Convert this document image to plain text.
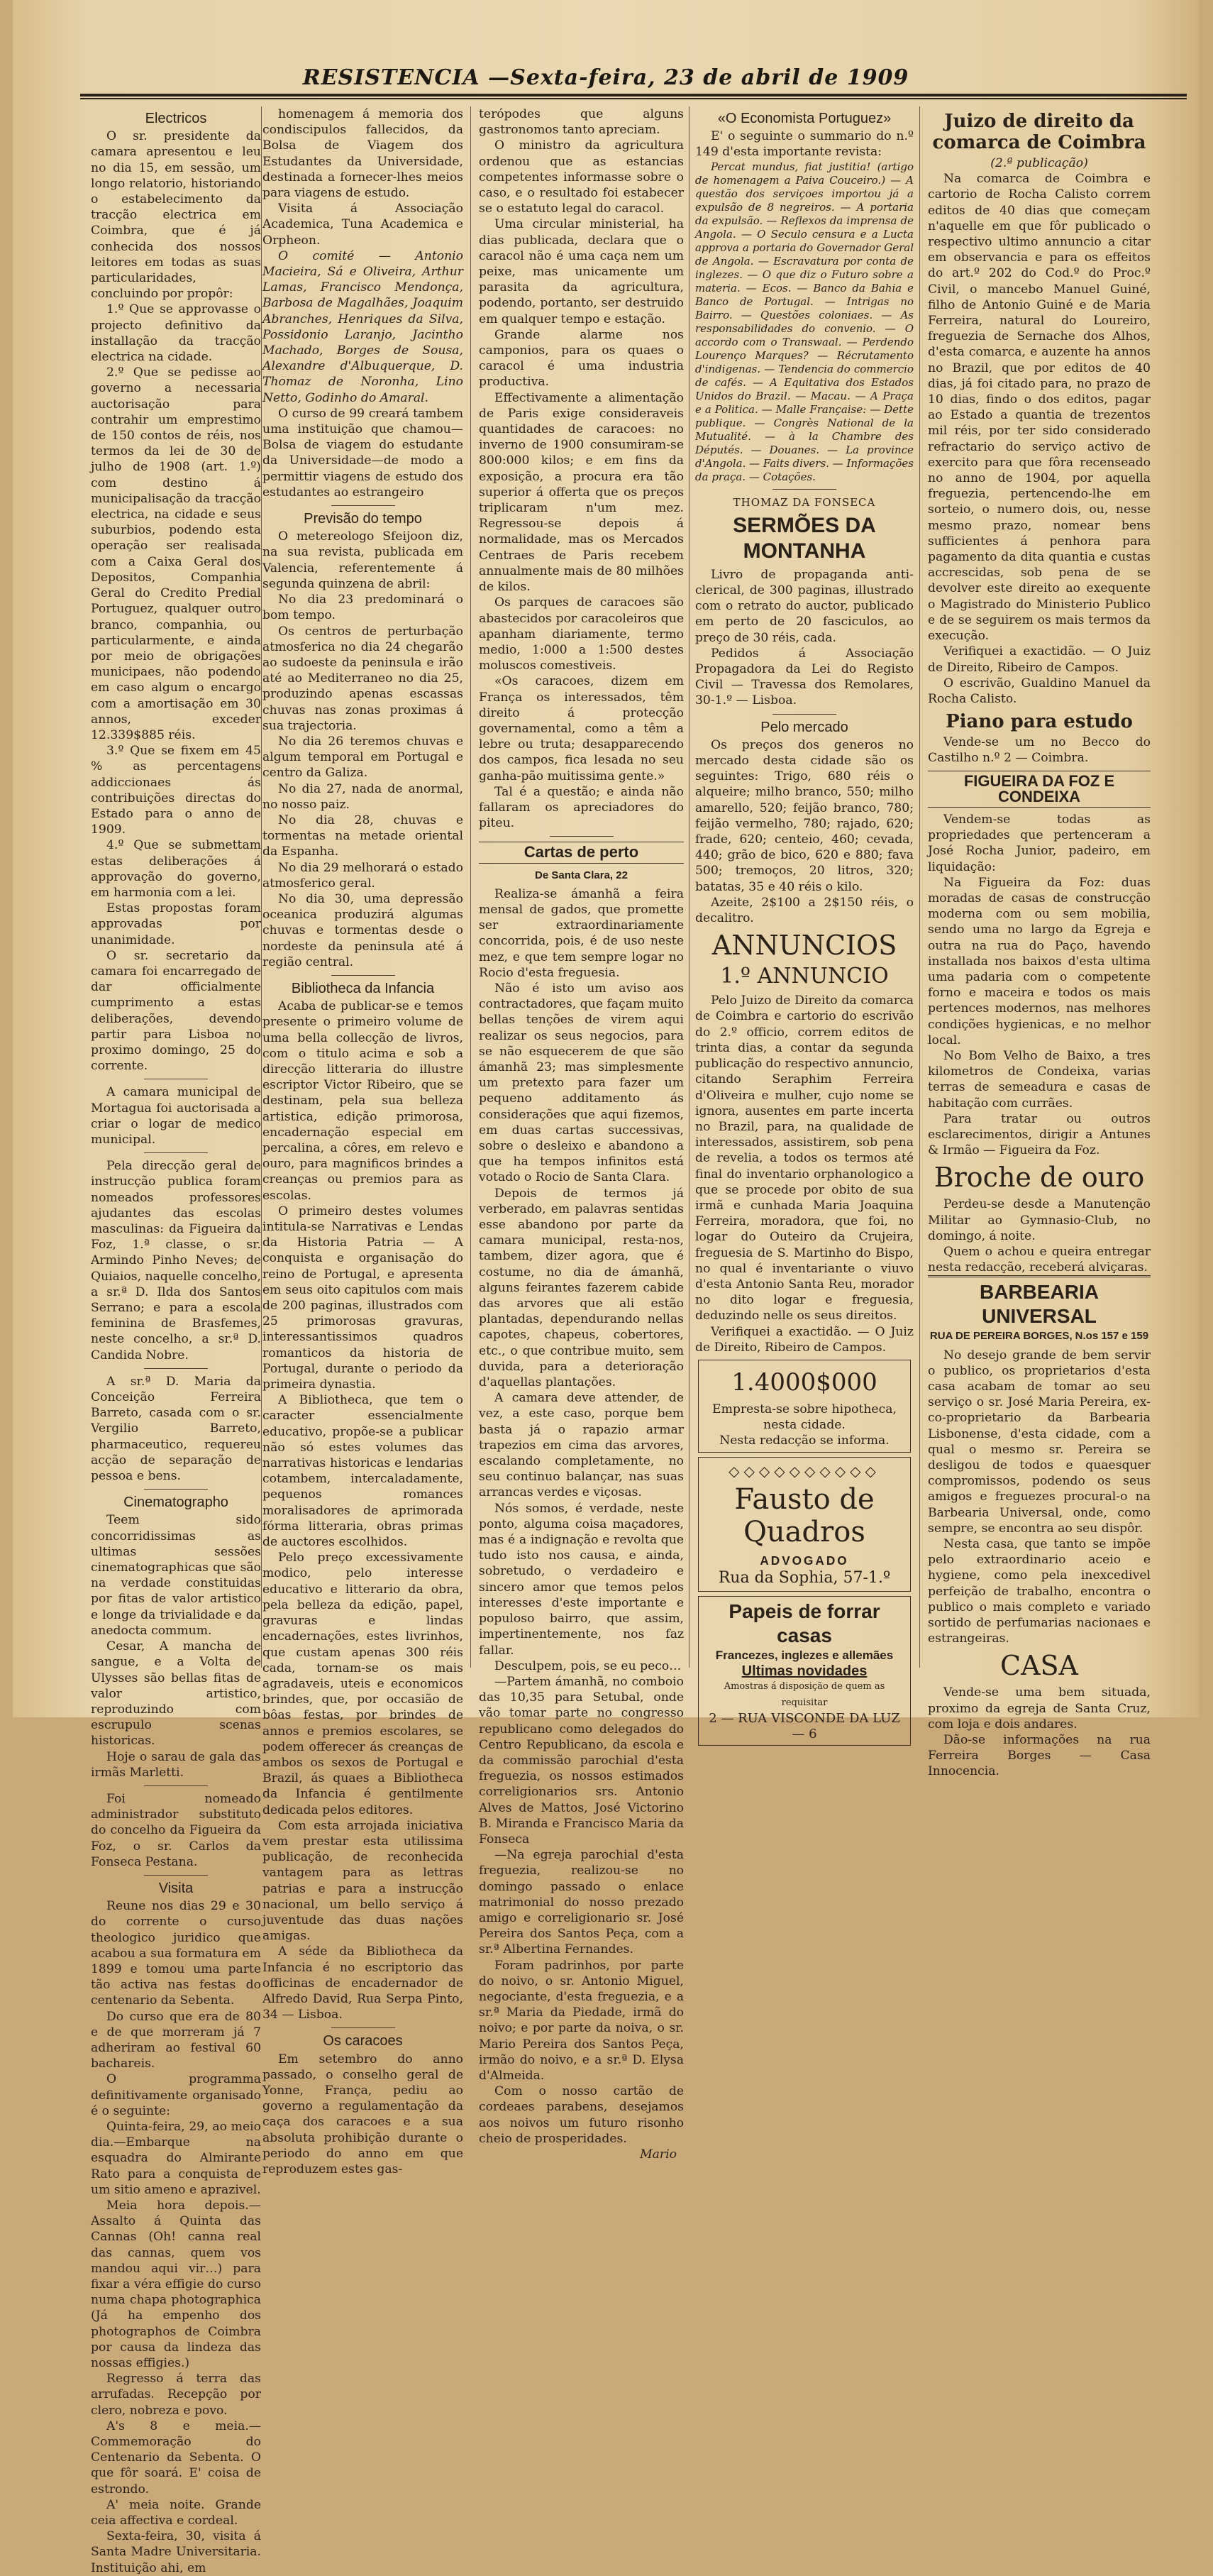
RESISTENCIA —Sexta-feira, 23 de abril de 1909
Electricos

O sr. presidente da camara apresentou e leu no dia 15, em sessão, um longo relatorio, historiando o estabelecimento da tracção electrica em Coimbra, que é já conhecida dos nossos leitores em todas as suas particularidades, concluindo por propôr:

1.º Que se approvasse o projecto definitivo da installação da tracção electrica na cidade.

2.º Que se pedisse ao governo a necessaria auctorisação para contrahir um emprestimo de 150 contos de réis, nos termos da lei de 30 de julho de 1908 (art. 1.º) com destino á municipalisação da tracção electrica, na cidade e seus suburbios, podendo esta operação ser realisada com a Caixa Geral dos Depositos, Companhia Geral do Credito Predial Portuguez, qualquer outro branco, companhia, ou particularmente, e ainda por meio de obrigações municipaes, não podendo em caso algum o encargo com a amortisação em 30 annos, exceder 12.339$885 réis.

3.º Que se fixem em 45 % as percentagens addiccionaes ás contribuições directas do Estado para o anno de 1909.

4.º Que se submettam estas deliberações á approvação do governo, em harmonia com a lei.

Estas propostas foram approvadas por unanimidade.

O sr. secretario da camara foi encarregado de dar officialmente cumprimento a estas deliberações, devendo partir para Lisboa no proximo domingo, 25 do corrente.

A camara municipal de Mortagua foi auctorisada a criar o logar de medico municipal.

Pela direcção geral de instrucção publica foram nomeados professores ajudantes das escolas masculinas: da Figueira da Foz, 1.ª classe, o sr. Armindo Pinho Neves; de Quiaios, naquelle concelho, a sr.ª D. Ilda dos Santos Serrano; e para a escola feminina de Brasfemes, neste concelho, a sr.ª D. Candida Nobre.

A sr.ª D. Maria da Conceição Ferreira Barreto, casada com o sr. Vergilio Barreto, pharmaceutico, requereu acção de separação de pessoa e bens.

Cinematographo

Teem sido concorridissimas as ultimas sessões cinematographicas que são na verdade constituidas por fitas de valor artistico e longe da trivialidade e da anedocta commum.

Cesar, A mancha de sangue, e a Volta de Ulysses são bellas fitas de valor artistico, reproduzindo com escrupulo scenas historicas.

Hoje o sarau de gala das irmãs Marletti.

Foi nomeado administrador substituto do concelho da Figueira da Foz, o sr. Carlos da Fonseca Pestana.

Visita

Reune nos dias 29 e 30 do corrente o curso theologico juridico que acabou a sua formatura em 1899 e tomou uma parte tão activa nas festas do centenario da Sebenta.

Do curso que era de 80 e de que morreram já 7 adheriram ao festival 60 bachareis.

O programma definitivamente organisado é o seguinte:

Quinta-feira, 29, ao meio dia.—Embarque na esquadra do Almirante Rato para a conquista de um sitio ameno e aprazivel.

Meia hora depois.—Assalto á Quinta das Cannas (Oh! canna real das cannas, quem vos mandou aqui vir…) para fixar a véra effigie do curso numa chapa photographica (Já ha empenho dos photographos de Coimbra por causa da lindeza das nossas effigies.)

Regresso á terra das arrufadas. Recepção por clero, nobreza e povo.

A's 8 e meia.—Commemoração do Centenario da Sebenta. O que fôr soará. E' coisa de estrondo.

A' meia noite. Grande ceia affectiva e cordeal.

Sexta-feira, 30, visita á Santa Madre Universitaria. Instituição ahi, em

homenagem á memoria dos condiscipulos fallecidos, da Bolsa de Viagem dos Estudantes da Universidade, destinada a fornecer-lhes meios para viagens de estudo.

Visita á Associação Academica, Tuna Academica e Orpheon.

O comité — Antonio Macieira, Sá e Oliveira, Arthur Lamas, Francisco Mendonça, Barbosa de Magalhães, Joaquim Abranches, Henriques da Silva, Possidonio Laranjo, Jacintho Machado, Borges de Sousa, Alexandre d'Albuquerque, D. Thomaz de Noronha, Lino Netto, Godinho do Amaral.

O curso de 99 creará tambem uma instituição que chamou—Bolsa de viagem do estudante da Universidade—de modo a permittir viagens de estudo dos estudantes ao estrangeiro

Previsão do tempo

O metereologo Sfeijoon diz, na sua revista, publicada em Valencia, referentemente á segunda quinzena de abril:

No dia 23 predominará o bom tempo.

Os centros de perturbação atmosferica no dia 24 chegarão ao sudoeste da peninsula e irão até ao Mediterraneo no dia 25, produzindo apenas escassas chuvas nas zonas proximas á sua trajectoria.

No dia 26 teremos chuvas e algum temporal em Portugal e centro da Galiza.

No dia 27, nada de anormal, no nosso paiz.

No dia 28, chuvas e tormentas na metade oriental da Espanha.

No dia 29 melhorará o estado atmosferico geral.

No dia 30, uma depressão oceanica produzirá algumas chuvas e tormentas desde o nordeste da peninsula até á região central.

Bibliotheca da Infancia

Acaba de publicar-se e temos presente o primeiro volume de uma bella collecção de livros, com o titulo acima e sob a direcção litteraria do illustre escriptor Victor Ribeiro, que se destinam, pela sua belleza artistica, edição primorosa, encadernação especial em percalina, a côres, em relevo e ouro, para magnificos brindes a creanças ou premios para as escolas.

O primeiro destes volumes intitula-se Narrativas e Lendas da Historia Patria — A conquista e organisação do reino de Portugal, e apresenta em seus oito capitulos com mais de 200 paginas, illustrados com 25 primorosas gravuras, interessantissimos quadros romanticos da historia de Portugal, durante o periodo da primeira dynastia.

A Bibliotheca, que tem o caracter essencialmente educativo, propõe-se a publicar não só estes volumes das narrativas historicas e lendarias cotambem, intercaladamente, pequenos romances moralisadores de aprimorada fórma litteraria, obras primas de auctores escolhidos.

Pelo preço excessivamente modico, pelo interesse educativo e litterario da obra, pela belleza da edição, papel, gravuras e lindas encadernações, estes livrinhos, que custam apenas 300 réis cada, tornam-se os mais agradaveis, uteis e economicos brindes, que, por occasião de bôas festas, por brindes de annos e premios escolares, se podem offerecer ás creanças de ambos os sexos de Portugal e Brazil, ás quaes a Bibliotheca da Infancia é gentilmente dedicada pelos editores.

Com esta arrojada iniciativa vem prestar esta utilissima publicação, de reconhecida vantagem para as lettras patrias e para a instrucção nacional, um bello serviço á juventude das duas nações amigas.

A séde da Bibliotheca da Infancia é no escriptorio das officinas de encadernador de Alfredo David, Rua Serpa Pinto, 34 — Lisboa.

Os caracoes

Em setembro do anno passado, o conselho geral de Yonne, França, pediu ao governo a regulamentação da caça dos caracoes e a sua absoluta prohibição durante o periodo do anno em que reproduzem estes gas-

terópodes que alguns gastronomos tanto apreciam.

O ministro da agricultura ordenou que as estancias competentes informasse sobre o caso, e o resultado foi estabecer se o estatuto legal do caracol.

Uma circular ministerial, ha dias publicada, declara que o caracol não é uma caça nem um peixe, mas unicamente um parasita da agricultura, podendo, portanto, ser destruido em qualquer tempo e estação.

Grande alarme nos camponios, para os quaes o caracol é uma industria productiva.

Effectivamente a alimentação de Paris exige consideraveis quantidades de caracoes: no inverno de 1900 consumiram-se 800:000 kilos; e em fins da exposição, a procura era tão superior á offerta que os preços triplicaram n'um mez. Regressou-se depois á normalidade, mas os Mercados Centraes de Paris recebem annualmente mais de 80 milhões de kilos.

Os parques de caracoes são abastecidos por caracoleiros que apanham diariamente, termo medio, 1:000 a 1:500 destes moluscos comestiveis.

«Os caracoes, dizem em França os interessados, têm direito á protecção governamental, como a têm a lebre ou truta; desapparecendo dos campos, fica lesada no seu ganha-pão muitissima gente.»

Tal é a questão; e ainda não fallaram os apreciadores do piteu.

Cartas de perto
De Santa Clara, 22

Realiza-se ámanhã a feira mensal de gados, que promette ser extraordinariamente concorrida, pois, é de uso neste mez, e que tem sempre logar no Rocio d'esta freguesia.

Não é isto um aviso aos contractadores, que façam muito bellas tenções de virem aqui realizar os seus negocios, para se não esquecerem de que são ámanhã 23; mas simplesmente um pretexto para fazer um pequeno additamento ás considerações que aqui fizemos, em duas cartas successivas, sobre o desleixo e abandono a que ha tempos infinitos está votado o Rocio de Santa Clara.

Depois de termos já verberado, em palavras sentidas esse abandono por parte da camara municipal, resta-nos, tambem, dizer agora, que é costume, no dia de ámanhã, alguns feirantes fazerem cabide das arvores que ali estão plantadas, dependurando nellas capotes, chapeus, cobertores, etc., o que contribue muito, sem duvida, para a deterioração d'aquellas plantações.

A camara deve attender, de vez, a este caso, porque bem basta já o rapazio armar trapezios em cima das arvores, escalando completamente, no seu continuo balançar, nas suas arrancas verdes e viçosas.

Nós somos, é verdade, neste ponto, alguma coisa maçadores, mas é a indignação e revolta que tudo isto nos causa, e ainda, sobretudo, o verdadeiro e sincero amor que temos pelos interesses d'este importante e populoso bairro, que assim, impertinentemente, nos faz fallar.

Desculpem, pois, se eu peco…

—Partem ámanhã, no comboio das 10,35 para Setubal, onde vão tomar parte no congresso republicano como delegados do Centro Republicano, da escola e da commissão parochial d'esta freguezia, os nossos estimados correligionarios srs. Antonio Alves de Mattos, José Victorino B. Miranda e Francisco Maria da Fonseca

—Na egreja parochial d'esta freguezia, realizou-se no domingo passado o enlace matrimonial do nosso prezado amigo e correligionario sr. José Pereira dos Santos Peça, com a sr.ª Albertina Fernandes.

Foram padrinhos, por parte do noivo, o sr. Antonio Miguel, negociante, d'esta freguezia, e a sr.ª Maria da Piedade, irmã do noivo; e por parte da noiva, o sr. Mario Pereira dos Santos Peça, irmão do noivo, e a sr.ª D. Elysa d'Almeida.

Com o nosso cartão de cordeaes parabens, desejamos aos noivos um futuro risonho cheio de prosperidades.

Mario
«O Economista Portuguez»

E' o seguinte o summario do n.º 149 d'esta importante revista:

Percat mundus, fiat justitia! (artigo de homenagem a Paiva Couceiro.) — A questão dos serviçoes importou já a expulsão de 8 negreiros. — A portaria da expulsão. — Reflexos da imprensa de Angola. — O Seculo censura e a Lucta approva a portaria do Governador Geral de Angola. — Escravatura por conta de inglezes. — O que diz o Futuro sobre a materia. — Ecos. — Banco da Bahia e Banco de Portugal. — Intrigas no Bairro. — Questões coloniaes. — As responsabilidades do convenio. — O accordo com o Transwaal. — Perdendo Lourenço Marques? — Récrutamento d'indigenas. — Tendencia do commercio de cafés. — A Equitativa dos Estados Unidos do Brazil. — Macau. — A Praça e a Politica. — Malle Française: — Dette publique. — Congrès National de la Mutualité. — à la Chambre des Députés. — Douanes. — La province d'Angola. — Faits divers. — Informações da praça. — Cotações.

THOMAZ DA FONSECA
SERMÕES DA MONTANHA

Livro de propaganda anti-clerical, de 300 paginas, illustrado com o retrato do auctor, publicado em perto de 20 fasciculos, ao preço de 30 réis, cada.

Pedidos á Associação Propagadora da Lei do Registo Civil — Travessa dos Remolares, 30-1.º — Lisboa.

Pelo mercado

Os preços dos generos no mercado desta cidade são os seguintes: Trigo, 680 réis o alqueire; milho branco, 550; milho amarello, 520; feijão branco, 780; feijão vermelho, 780; rajado, 620; frade, 620; centeio, 460; cevada, 440; grão de bico, 620 e 880; fava 500; tremoços, 20 litros, 320; batatas, 35 e 40 réis o kilo.

Azeite, 2$100 a 2$150 réis, o decalitro.

ANNUNCIOS
1.º ANNUNCIO

Pelo Juizo de Direito da comarca de Coimbra e cartorio do escrivão do 2.º officio, correm editos de trinta dias, a contar da segunda publicação do respectivo annuncio, citando Seraphim Ferreira d'Oliveira e mulher, cujo nome se ignora, ausentes em parte incerta no Brazil, para, na qualidade de interessados, assistirem, sob pena de revelia, a todos os termos até final do inventario orphanologico a que se procede por obito de sua irmã e cunhada Maria Joaquina Ferreira, moradora, que foi, no logar do Outeiro da Crujeira, freguesia de S. Martinho do Bispo, no qual é inventariante o viuvo d'esta Antonio Santa Reu, morador no dito logar e freguesia, deduzindo nelle os seus direitos.

Verifiquei a exactidão. — O Juiz de Direito, Ribeiro de Campos.

1.4000$000
Empresta-se sobre hipotheca, nesta cidade.
Nesta redacção se informa.
◇◇◇◇◇◇◇◇◇◇
Fausto de Quadros
ADVOGADO
Rua da Sophia, 57-1.º
Papeis de forrar casas
Francezes, inglezes e allemães
Ultimas novidades
Amostras á disposição de quem as requisitar
2 — RUA VISCONDE DA LUZ — 6
Juizo de direito da comarca de Coimbra
(2.ª publicação)

Na comarca de Coimbra e cartorio de Rocha Calisto correm editos de 40 dias que começam n'aquelle em que fôr publicado o respectivo ultimo annuncio a citar em observancia e para os effeitos do art.º 202 do Cod.º do Proc.º Civil, o mancebo Manuel Guiné, filho de Antonio Guiné e de Maria Ferreira, natural do Loureiro, freguezia de Sernache dos Alhos, d'esta comarca, e auzente ha annos no Brazil, que por editos de 40 dias, já foi citado para, no prazo de 10 dias, findo o dos editos, pagar ao Estado a quantia de trezentos mil réis, por ter sido considerado refractario do serviço activo de exercito para que fôra recenseado no anno de 1904, por aquella freguezia, pertencendo-lhe em sorteio, o numero dois, ou, nesse mesmo prazo, nomear bens sufficientes á penhora para pagamento da dita quantia e custas accrescidas, sob pena de se devolver este direito ao exequente o Magistrado do Ministerio Publico e de se seguirem os mais termos da execução.

Verifiquei a exactidão. — O Juiz de Direito, Ribeiro de Campos.

O escrivão, Gualdino Manuel da Rocha Calisto.

Piano para estudo

Vende-se um no Becco do Castilho n.º 2 — Coimbra.

FIGUEIRA DA FOZ E CONDEIXA

Vendem-se todas as propriedades que pertenceram a José Rocha Junior, padeiro, em liquidação:

Na Figueira da Foz: duas moradas de casas de construcção moderna com ou sem mobilia, sendo uma no largo da Egreja e outra na rua do Paço, havendo installada nos baixos d'esta ultima uma padaria com o competente forno e maceira e todos os mais pertences modernos, nas melhores condições hygienicas, e no melhor local.

No Bom Velho de Baixo, a tres kilometros de Condeixa, varias terras de semeadura e casas de habitação com currães.

Para tratar ou outros esclarecimentos, dirigir a Antunes & Irmão — Figueira da Foz.

Broche de ouro

Perdeu-se desde a Manutenção Militar ao Gymnasio-Club, no domingo, á noite.

Quem o achou e queira entregar nesta redacção, receberá alviçaras.

BARBEARIA UNIVERSAL
RUA DE PEREIRA BORGES, N.os 157 e 159

No desejo grande de bem servir o publico, os proprietarios d'esta casa acabam de tomar ao seu serviço o sr. José Maria Pereira, ex-co-proprietario da Barbearia Lisbonense, d'esta cidade, com a qual o mesmo sr. Pereira se desligou de todos e quaesquer compromissos, podendo os seus amigos e freguezes procural-o na Barbearia Universal, onde, como sempre, se encontra ao seu dispôr.

Nesta casa, que tanto se impõe pelo extraordinario aceio e hygiene, como pela inexcedivel perfeição de trabalho, encontra o publico o mais completo e variado sortido de perfumarias nacionaes e estrangeiras.

CASA

Vende-se uma bem situada, proximo da egreja de Santa Cruz, com loja e dois andares.

Dão-se informações na rua Ferreira Borges — Casa Innocencia.
